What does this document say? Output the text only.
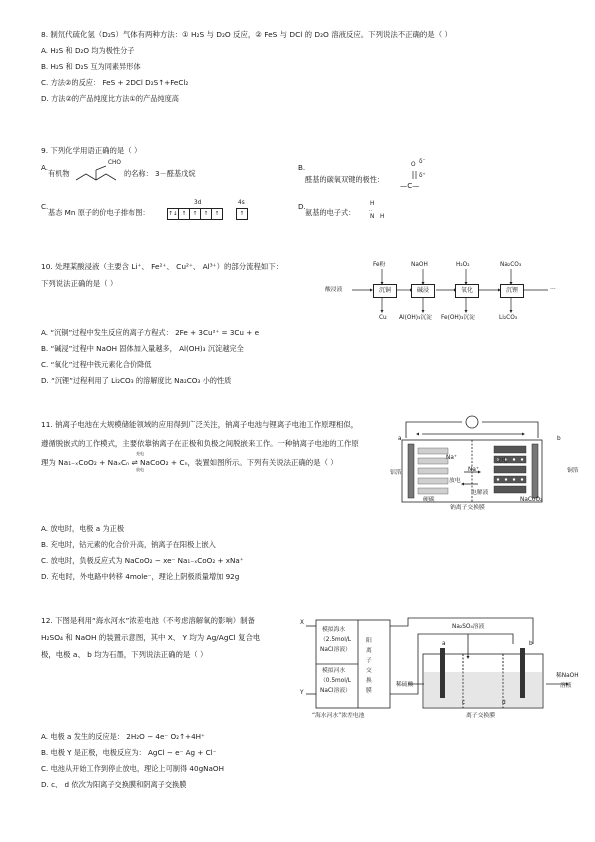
8. 制氘代硫化氢（D₂S）气体有两种方法：① H₂S 与 D₂O 反应，② FeS 与 DCl 的 D₂O 溶液反应。下列说法不正确的是（ ）
A. H₂S 和 D₂O 均为极性分子
B. H₂S 和 D₂S 互为同素异形体
C. 方法②的反应： FeS + 2DCl D₂S↑+FeCl₂
D. 方法②的产品纯度比方法①的产品纯度高
9. 下列化学用语正确的是（ ）
A.
有机物
CHO
的名称： 3－醛基戊烷
B.
醛基的碳氧双键的极性：
O δ⁻
δ⁺
—C—
C.
基态 Mn 原子的价电子排布图：
3d	4s
↑↓ ↑	↑	↑	↑	↑
D.
氨基的电子式：
H
··
N H
10. 处理某酸浸液（主要含 Li⁺、 Fe²⁺、 Cu²⁺、 Al³⁺）的部分流程如下：
下列说法正确的是（ ）
酸浸液	沉铜	碱浸	氧化	沉锂	…
Fe粉	NaOH	H₂O₂	Na₂CO₃
Cu Al(OH)₃沉淀 Fe(OH)₃沉淀	Li₂CO₃
A. “沉铜”过程中发生反应的离子方程式： 2Fe + 3Cu²⁺ = 3Cu + e
B. “碱浸”过程中 NaOH 固体加入量越多， Al(OH)₃ 沉淀越完全
C. “氧化”过程中铁元素化合价降低
D. “沉锂”过程利用了 Li₂CO₃ 的溶解度比 Na₂CO₃ 小的性质
11. 钠离子电池在大规模储能领域的应用得到广泛关注，钠离子电池与锂离子电池工作原理相似，
遵循脱嵌式的工作模式，主要依靠钠离子在正极和负极之间脱嵌来工作。一种钠离子电池的工作原
理为 Na₁₋ₓCoO₂ + NaₓCₙ ⇌ NaCoO₂ + Cₙ，装置如图所示。下列有关说法正确的是（ ）
充电
放电
a	b
铝箔	铜箔
Na⁺
Na⁺
充电
放电
电解液
硬碳
钠离子交换膜
NaCoO₂
A. 放电时，电极 a 为正极
B. 充电时，钴元素的化合价升高，钠离子在阳极上嵌入
C. 放电时，负极反应式为 NaCoO₂ − xe⁻ Na₁₋ₓCoO₂ + xNa⁺
D. 充电时，外电路中转移 4mole⁻，理论上阴极质量增加 92g
12. 下图是利用“海水河水”浓差电池（不考虑溶解氧的影响）制备
H₂SO₄ 和 NaOH 的装置示意图，其中 X、 Y 均为 Ag/AgCl 复合电
极，电极 a、 b 均为石墨，下列说法正确的是（ ）
X
Y
模拟海水
（2.5mol/L
NaCl溶液）
模拟河水
（0.5mol/L
NaCl溶液）
阳
离
子
交
换
膜
“海水河水”浓差电池
Na₂SO₄溶液
稀硫酸
稀NaOH
溶液
a	b
c	d
离子交换膜
A. 电极 a 发生的反应是： 2H₂O − 4e⁻ O₂↑+4H⁺
B. 电极 Y 是正极，电极反应为： AgCl − e⁻ Ag + Cl⁻
C. 电池从开始工作到停止放电，理论上可制得 40gNaOH
D. c、 d 依次为阳离子交换膜和阴离子交换膜
